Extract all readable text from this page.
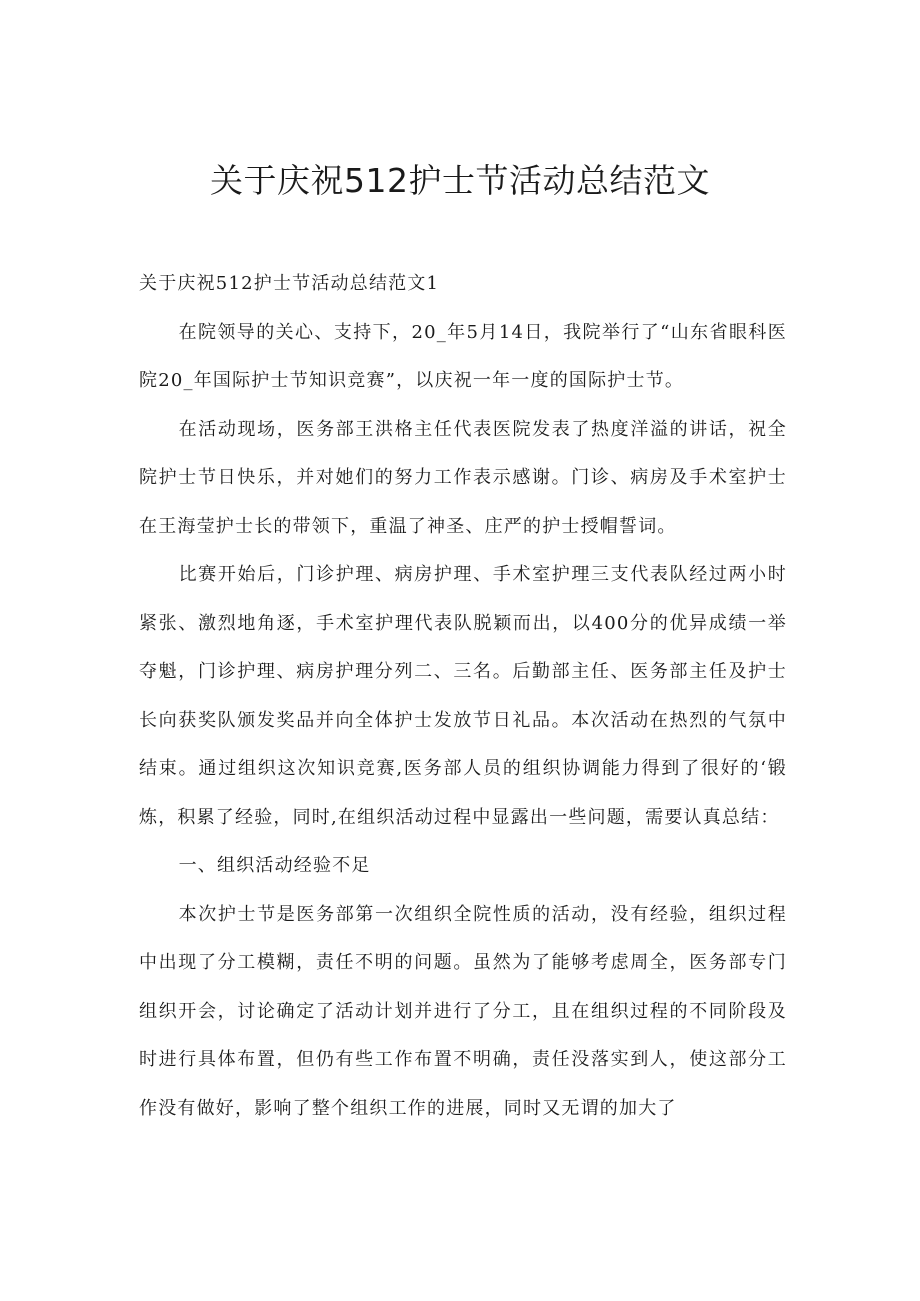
关于庆祝512护士节活动总结范文

关于庆祝512护士节活动总结范文1

在院领导的关心、支持下，20_年5月14日，我院举行了“山东省眼科医院20_年国际护士节知识竞赛”，以庆祝一年一度的国际护士节。

在活动现场，医务部王洪格主任代表医院发表了热度洋溢的讲话，祝全院护士节日快乐，并对她们的努力工作表示感谢。门诊、病房及手术室护士在王海莹护士长的带领下，重温了神圣、庄严的护士授帽誓词。

比赛开始后，门诊护理、病房护理、手术室护理三支代表队经过两小时紧张、激烈地角逐，手术室护理代表队脱颖而出，以400分的优异成绩一举夺魁，门诊护理、病房护理分列二、三名。后勤部主任、医务部主任及护士长向获奖队颁发奖品并向全体护士发放节日礼品。本次活动在热烈的气氛中结束。通过组织这次知识竞赛,医务部人员的组织协调能力得到了很好的‘锻炼，积累了经验，同时,在组织活动过程中显露出一些问题，需要认真总结：

一、组织活动经验不足

本次护士节是医务部第一次组织全院性质的活动，没有经验，组织过程中出现了分工模糊，责任不明的问题。虽然为了能够考虑周全，医务部专门组织开会，讨论确定了活动计划并进行了分工，且在组织过程的不同阶段及时进行具体布置，但仍有些工作布置不明确，责任没落实到人，使这部分工作没有做好，影响了整个组织工作的进展，同时又无谓的加大了
